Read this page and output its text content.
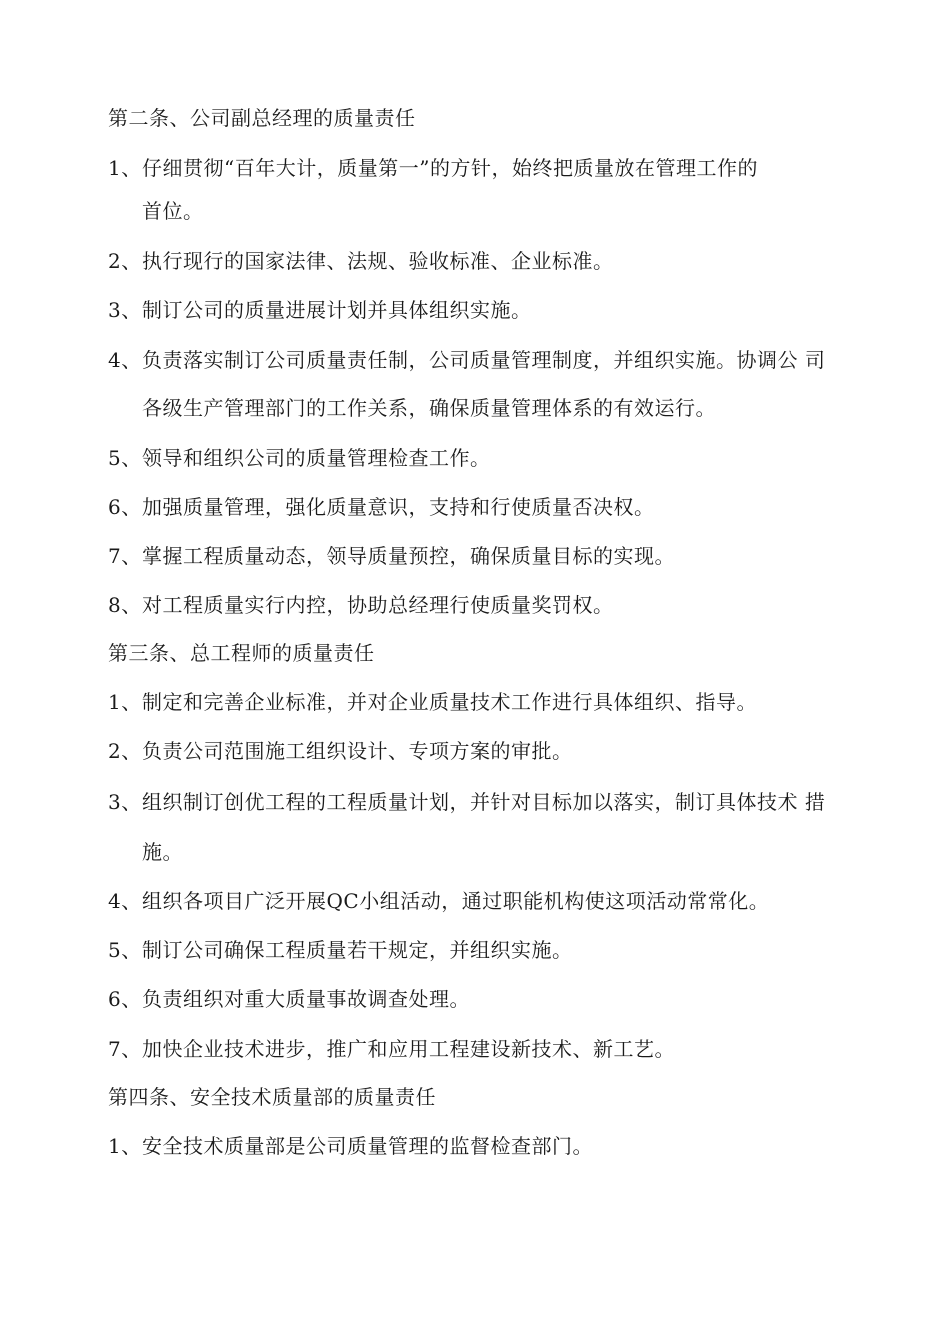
第二条、公司副总经理的质量责任
1、仔细贯彻“百年大计，质量第一”的方针，始终把质量放在管理工作的
首位。
2、执行现行的国家法律、法规、验收标准、企业标准。
3、制订公司的质量进展计划并具体组织实施。
4、负责落实制订公司质量责任制，公司质量管理制度，并组织实施。协调公 司
各级生产管理部门的工作关系，确保质量管理体系的有效运行。
5、领导和组织公司的质量管理检查工作。
6、加强质量管理，强化质量意识，支持和行使质量否决权。
7、掌握工程质量动态，领导质量预控，确保质量目标的实现。
8、对工程质量实行内控，协助总经理行使质量奖罚权。
第三条、总工程师的质量责任
1、制定和完善企业标准，并对企业质量技术工作进行具体组织、指导。
2、负责公司范围施工组织设计、专项方案的审批。
3、组织制订创优工程的工程质量计划，并针对目标加以落实，制订具体技术 措
施。
4、组织各项目广泛开展QC小组活动，通过职能机构使这项活动常常化。
5、制订公司确保工程质量若干规定，并组织实施。
6、负责组织对重大质量事故调查处理。
7、加快企业技术进步，推广和应用工程建设新技术、新工艺。
第四条、安全技术质量部的质量责任
1、安全技术质量部是公司质量管理的监督检查部门。
